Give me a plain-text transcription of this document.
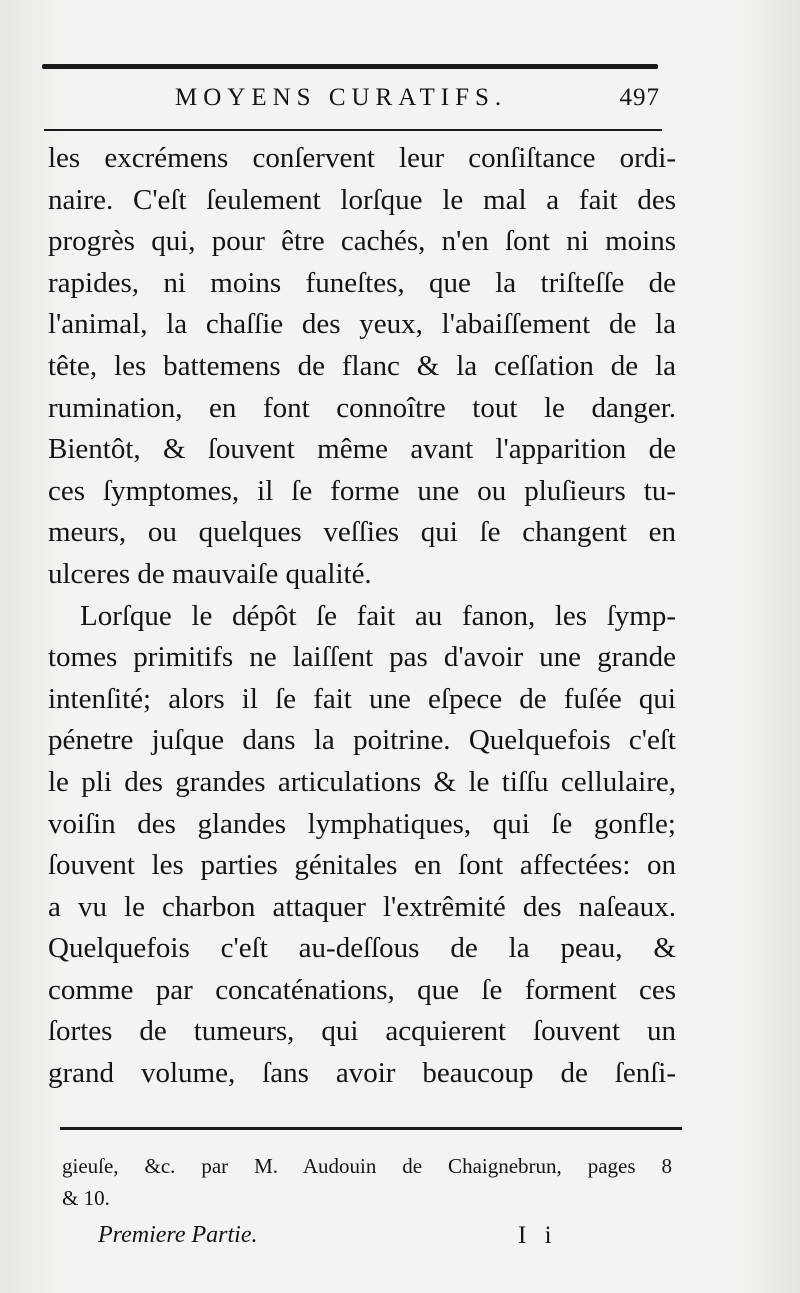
MOYENS CURATIFS.	497
les excrémens conſervent leur conſiſtance ordi-
naire. C'eſt ſeulement lorſque le mal a fait des
progrès qui, pour être cachés, n'en ſont ni moins
rapides, ni moins funeſtes, que la triſteſſe de
l'animal, la chaſſie des yeux, l'abaiſſement de la
tête, les battemens de flanc & la ceſſation de la
rumination, en font connoître tout le danger.
Bientôt, & ſouvent même avant l'apparition de
ces ſymptomes, il ſe forme une ou pluſieurs tu-
meurs, ou quelques veſſies qui ſe changent en
ulceres de mauvaiſe qualité.
Lorſque le dépôt ſe fait au fanon, les ſymp-
tomes primitifs ne laiſſent pas d'avoir une grande
intenſité; alors il ſe fait une eſpece de fuſée qui
pénetre juſque dans la poitrine. Quelquefois c'eſt
le pli des grandes articulations & le tiſſu cellulaire,
voiſin des glandes lymphatiques, qui ſe gonfle;
ſouvent les parties génitales en ſont affectées: on
a vu le charbon attaquer l'extrêmité des naſeaux.
Quelquefois c'eſt au-deſſous de la peau, &
comme par concaténations, que ſe forment ces
ſortes de tumeurs, qui acquierent ſouvent un
grand volume, ſans avoir beaucoup de ſenſi-
gieuſe, &c. par M. Audouin de Chaignebrun, pages 8
& 10.
Premiere Partie.	I i
